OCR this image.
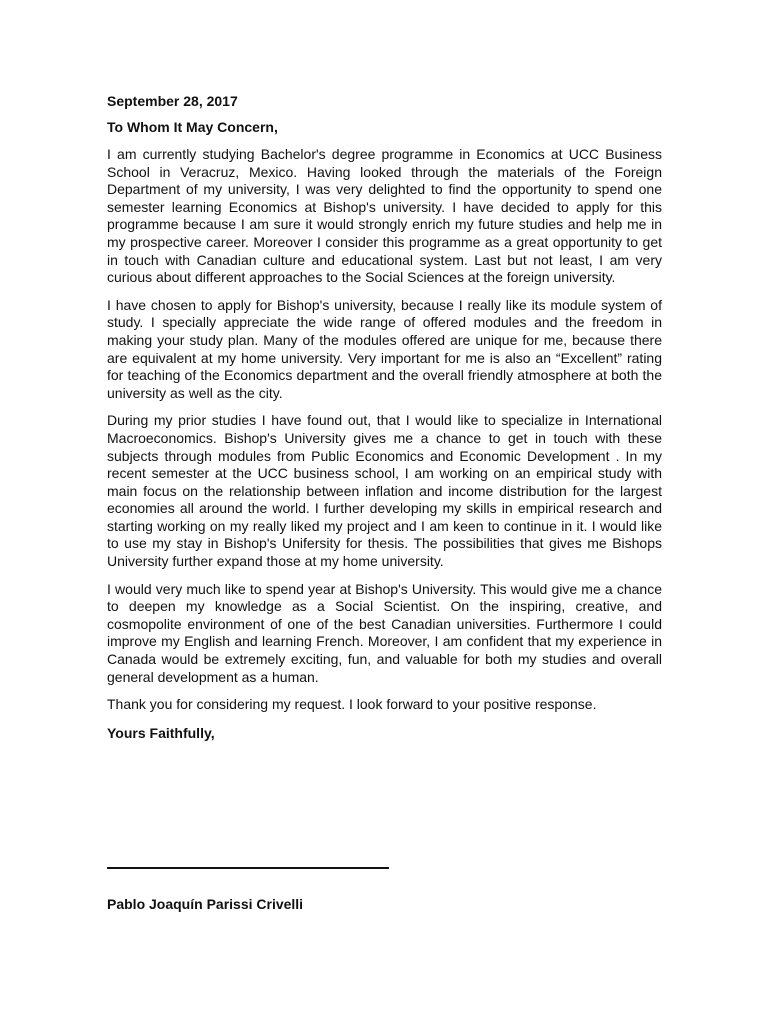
September 28, 2017
To Whom It May Concern,

I am currently studying Bachelor's degree programme in Economics at UCC Business School in Veracruz, Mexico. Having looked through the materials of the Foreign Department of my university, I was very delighted to find the opportunity to spend one semester learning Economics at Bishop's university. I have decided to apply for this programme because I am sure it would strongly enrich my future studies and help me in my prospective career. Moreover I consider this programme as a great opportunity to get in touch with Canadian culture and educational system. Last but not least, I am very curious about different approaches to the Social Sciences at the foreign university.

I have chosen to apply for Bishop's university, because I really like its module system of study. I specially appreciate the wide range of offered modules and the freedom in making your study plan. Many of the modules offered are unique for me, because there are equivalent at my home university. Very important for me is also an “Excellent” rating for teaching of the Economics department and the overall friendly atmosphere at both the university as well as the city.

During my prior studies I have found out, that I would like to specialize in International Macroeconomics. Bishop's University gives me a chance to get in touch with these subjects through modules from Public Economics and Economic Development . In my recent semester at the UCC business school, I am working on an empirical study with main focus on the relationship between inflation and income distribution for the largest economies all around the world. I further developing my skills in empirical research and starting working on my really liked my project and I am keen to continue in it. I would like to use my stay in Bishop's Unifersity for thesis. The possibilities that gives me Bishops University further expand those at my home university.

I would very much like to spend year at Bishop's University. This would give me a chance to deepen my knowledge as a Social Scientist. On the inspiring, creative, and cosmopolite environment of one of the best Canadian universities. Furthermore I could improve my English and learning French. Moreover, I am confident that my experience in Canada would be extremely exciting, fun, and valuable for both my studies and overall general development as a human.

Thank you for considering my request. I look forward to your positive response.

Yours Faithfully,
Pablo Joaquín Parissi Crivelli
